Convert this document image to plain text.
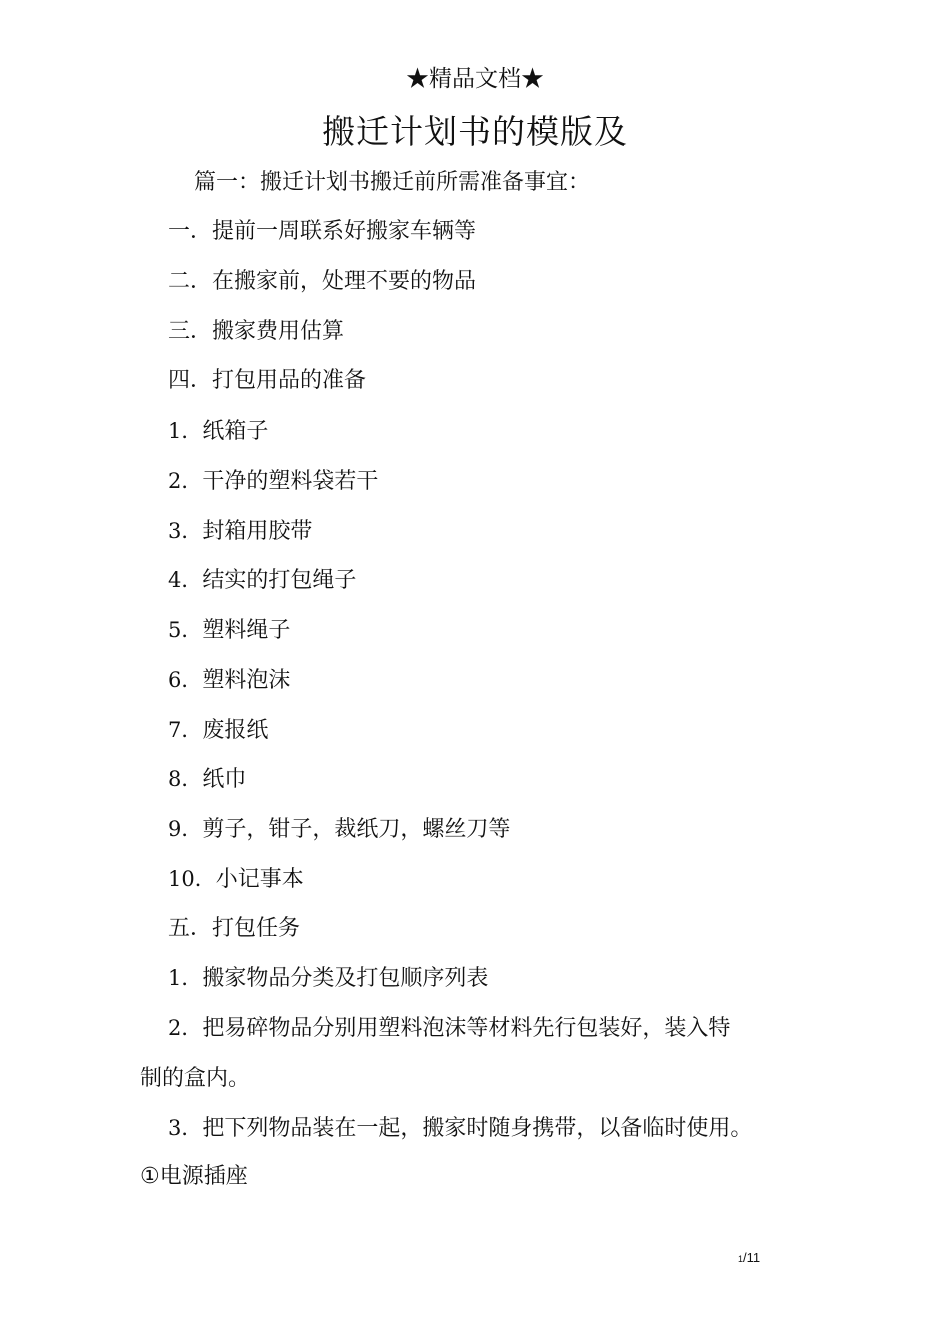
★精品文档★
搬迁计划书的模版及
篇一：搬迁计划书搬迁前所需准备事宜：
一．提前一周联系好搬家车辆等
二．在搬家前，处理不要的物品
三．搬家费用估算
四．打包用品的准备
1．纸箱子
2．干净的塑料袋若干
3．封箱用胶带
4．结实的打包绳子
5．塑料绳子
6．塑料泡沫
7．废报纸
8．纸巾
9．剪子，钳子，裁纸刀，螺丝刀等
10．小记事本
五．打包任务
1．搬家物品分类及打包顺序列表
2．把易碎物品分别用塑料泡沫等材料先行包装好，装入特
制的盒内。
3．把下列物品装在一起，搬家时随身携带，以备临时使用。
①电源插座
1/11
